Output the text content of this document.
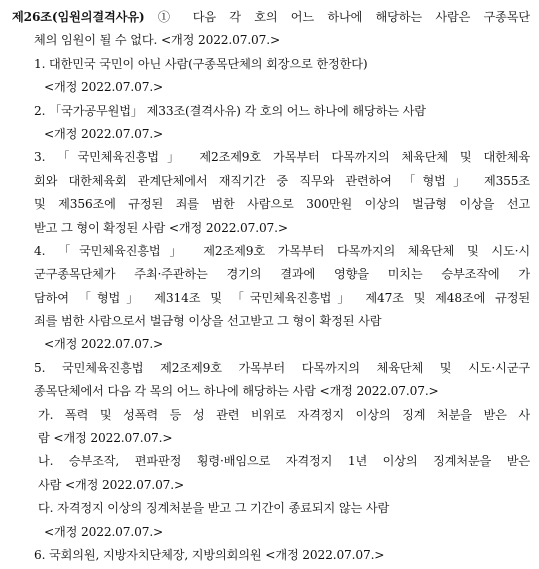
제26조(임원의결격사유) ① 다음 각 호의 어느 하나에 해당하는 사람은 구종목단
체의 임원이 될 수 없다. <개정 2022.07.07.>
1. 대한민국 국민이 아닌 사람(구종목단체의 회장으로 한정한다)
<개정 2022.07.07.>
2. 「국가공무원법」 제33조(결격사유) 각 호의 어느 하나에 해당하는 사람
<개정 2022.07.07.>
3. 「국민체육진흥법」 제2조제9호 가목부터 다목까지의 체육단체 및 대한체육
회와 대한체육회 관계단체에서 재직기간 중 직무와 관련하여 「형법」 제355조
및 제356조에 규정된 죄를 범한 사람으로 300만원 이상의 벌금형 이상을 선고
받고 그 형이 확정된 사람 <개정 2022.07.07.>
4. 「국민체육진흥법」 제2조제9호 가목부터 다목까지의 체육단체 및 시도·시
군구종목단체가 주최·주관하는 경기의 결과에 영향을 미치는 승부조작에 가
담하여 「형법」 제314조 및 「국민체육진흥법」 제47조 및 제48조에 규정된
죄를 범한 사람으로서 벌금형 이상을 선고받고 그 형이 확정된 사람
<개정 2022.07.07.>
5. 국민체육진흥법 제2조제9호 가목부터 다목까지의 체육단체 및 시도·시군구
종목단체에서 다음 각 목의 어느 하나에 해당하는 사람 <개정 2022.07.07.>
가. 폭력 및 성폭력 등 성 관련 비위로 자격정지 이상의 징계 처분을 받은 사
람 <개정 2022.07.07.>
나. 승부조작, 편파판정 횡령·배임으로 자격정지 1년 이상의 징계처분을 받은
사람 <개정 2022.07.07.>
다. 자격정지 이상의 징계처분을 받고 그 기간이 종료되지 않는 사람
<개정 2022.07.07.>
6. 국회의원, 지방자치단체장, 지방의회의원 <개정 2022.07.07.>
